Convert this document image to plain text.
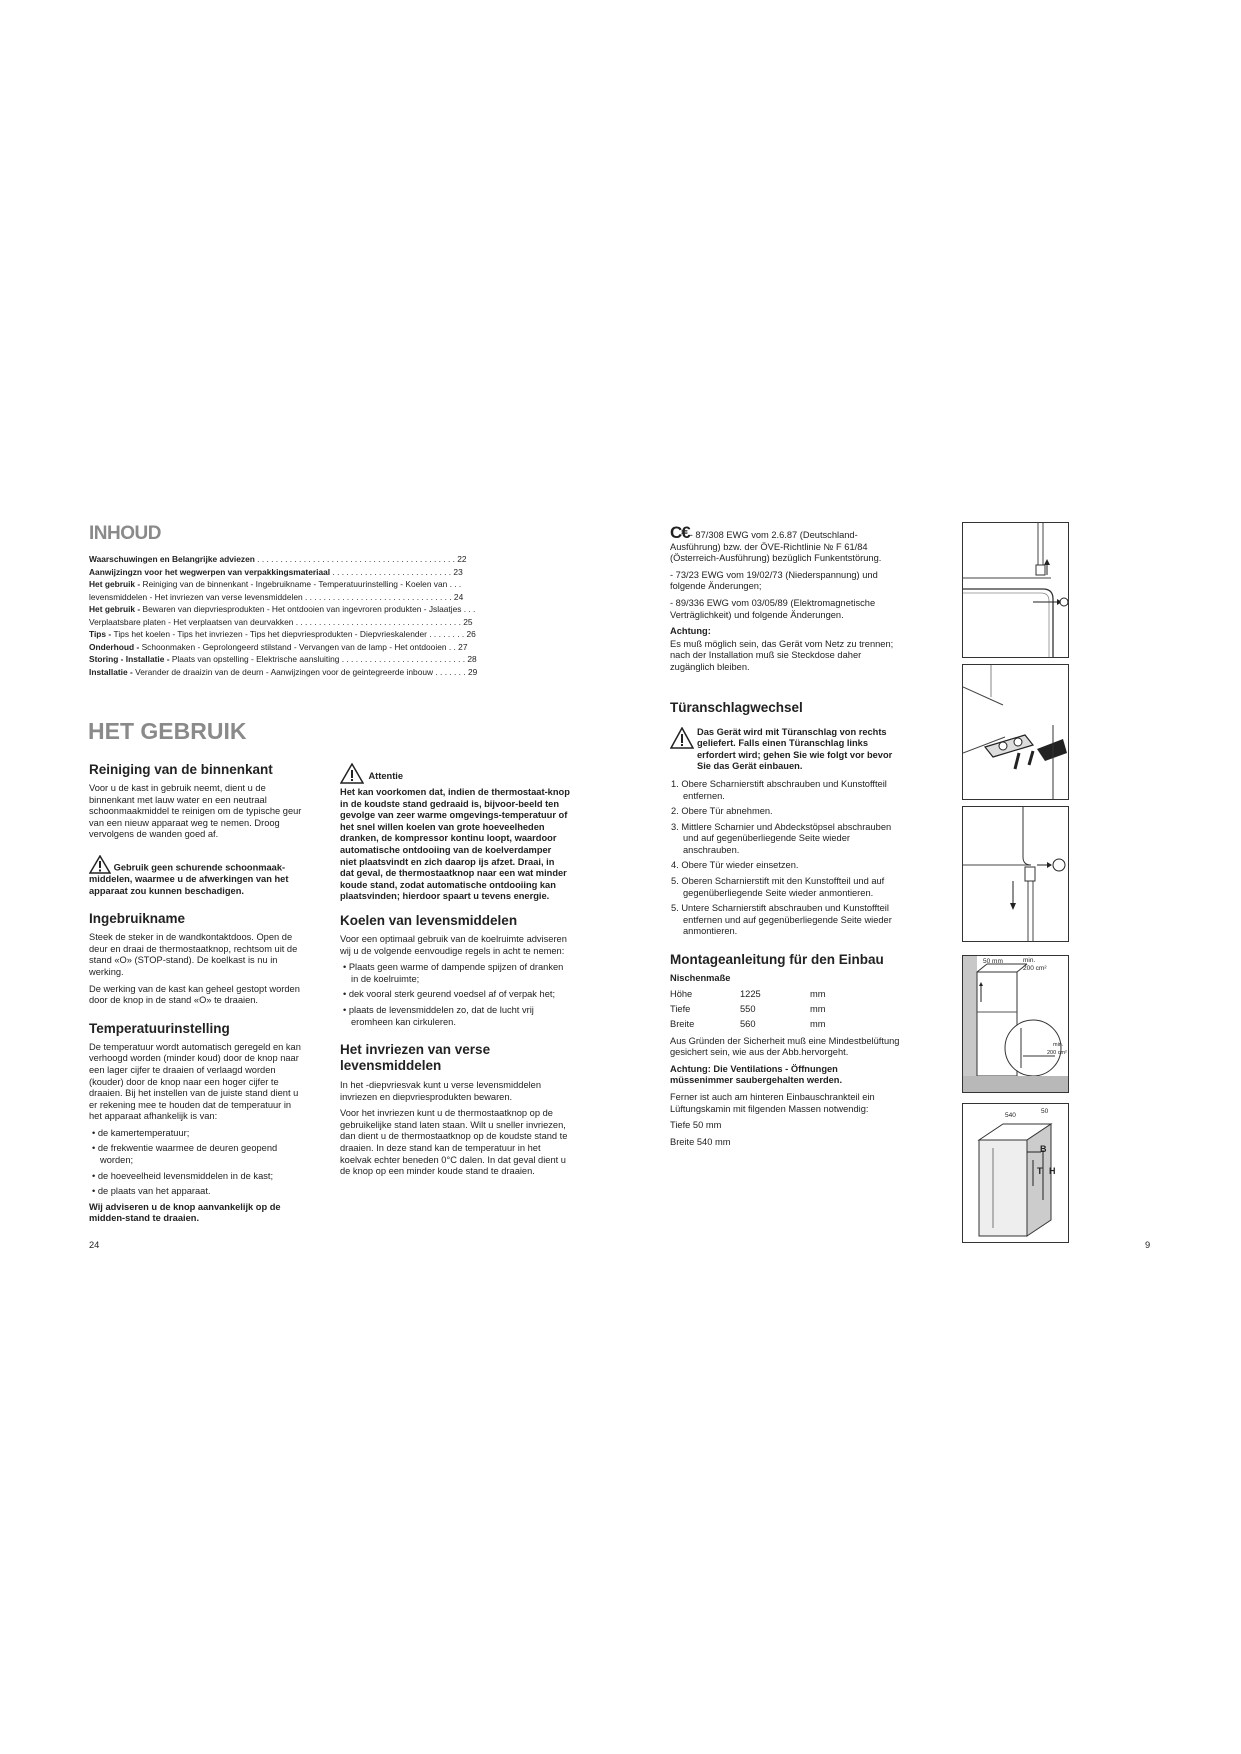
INHOUD
Waarschuwingen en Belangrijke adviezen . . . . . . . . . . . . . . . . . . . . . . . . . . . . . . . . . . . . . . . . . . . 22
Aanwijzingzn voor het wegwerpen van verpakkingsmateriaal . . . . . . . . . . . . . . . . . . . . . . . . . . 23
Het gebruik - Reiniging van de binnenkant - Ingebruikname - Temperatuurinstelling - Koelen van . . .
levensmiddelen - Het invriezen van verse levensmiddelen . . . . . . . . . . . . . . . . . . . . . . . . . . . . . . . . 24
Het gebruik - Bewaren van diepvriesprodukten - Het ontdooien van ingevroren produkten - Jslaatjes . . .
Verplaatsbare platen - Het verplaatsen van deurvakken . . . . . . . . . . . . . . . . . . . . . . . . . . . . . . . . . . . . 25
Tips - Tips het koelen - Tips het invriezen - Tips het diepvriesprodukten - Diepvrieskalender . . . . . . . . 26
Onderhoud - Schoonmaken - Geprolongeerd stilstand - Vervangen van de lamp - Het ontdooien . . 27
Storing - Installatie - Plaats van opstelling - Elektrische aansluiting . . . . . . . . . . . . . . . . . . . . . . . . . . . 28
Installatie - Verander de draaizin van de deurn - Aanwijzingen voor de geintegreerde inbouw . . . . . . . 29
HET GEBRUIK
Reiniging van de binnenkant

Voor u de kast in gebruik neemt, dient u de binnenkant met lauw water en een neutraal schoonmaakmiddel te reinigen om de typische geur van een nieuw apparaat weg te nemen. Droog vervolgens de wanden goed af.

Gebruik geen schurende schoonmaak-middelen, waarmee u de afwerkingen van het apparaat zou kunnen beschadigen.

Ingebruikname

Steek de steker in de wandkontaktdoos. Open de deur en draai de thermostaatknop, rechtsom uit de stand «O» (STOP-stand). De koelkast is nu in werking.

De werking van de kast kan geheel gestopt worden door de knop in de stand «O» te draaien.

Temperatuurinstelling

De temperatuur wordt automatisch geregeld en kan verhoogd worden (minder koud) door de knop naar een lager cijfer te draaien of verlaagd worden (kouder) door de knop naar een hoger cijfer te draaien. Bij het instellen van de juiste stand dient u er rekening mee te houden dat de temperatuur in het apparaat afhankelijk is van:

• de kamertemperatuur;

• de frekwentie waarmee de deuren geopend worden;

• de hoeveelheid levensmiddelen in de kast;

• de plaats van het apparaat.

Wij adviseren u de knop aanvankelijk op de midden-stand te draaien.

24
Attentie

Het kan voorkomen dat, indien de thermostaat-knop in de koudste stand gedraaid is, bijvoor-beeld ten gevolge van zeer warme omgevings-temperatuur of het snel willen koelen van grote hoeveelheden dranken, de kompressor kontinu loopt, waardoor automatische ontdooiing van de koelverdamper niet plaatsvindt en zich daarop ijs afzet. Draai, in dat geval, de thermostaatknop naar een wat minder koude stand, zodat automatische ontdooiing kan plaatsvinden; hierdoor spaart u tevens energie.

Koelen van levensmiddelen

Voor een optimaal gebruik van de koelruimte adviseren wij u de volgende eenvoudige regels in acht te nemen:

• Plaats geen warme of dampende spijzen of dranken in de koelruimte;

• dek vooral sterk geurend voedsel af of verpak het;

• plaats de levensmiddelen zo, dat de lucht vrij eromheen kan cirkuleren.

Het invriezen van verse levensmiddelen

In het -diepvriesvak kunt u verse levensmiddelen invriezen en diepvriesprodukten bewaren.

Voor het invriezen kunt u de thermostaatknop op de gebruikelijke stand laten staan. Wilt u sneller invriezen, dan dient u de thermostaatknop op de koudste stand te draaien. In deze stand kan de temperatuur in het koelvak echter beneden 0°C dalen. In dat geval dient u de knop op een minder koude stand te draaien.

C€- 87/308 EWG vom 2.6.87 (Deutschland-Ausführung) bzw. der ÖVE-Richtlinie № F 61/84 (Österreich-Ausführung) bezüglich Funkentstörung.

- 73/23 EWG vom 19/02/73 (Niederspannung) und folgende Änderungen;

- 89/336 EWG vom 03/05/89 (Elektromagnetische Verträglichkeit) und folgende Änderungen.

Achtung:

Es muß möglich sein, das Gerät vom Netz zu trennen; nach der Installation muß sie Steckdose daher zugänglich bleiben.

Türanschlagwechsel

Das Gerät wird mit Türanschlag von rechts geliefert. Falls einen Türanschlag links erfordert wird; gehen Sie wie folgt vor bevor Sie das Gerät einbauen.

1. Obere Scharnierstift abschrauben und Kunstoffteil entfernen.

2. Obere Tür abnehmen.

3. Mittlere Scharnier und Abdeckstöpsel abschrauben und auf gegenüberliegende Seite wieder anschrauben.

4. Obere Tür wieder einsetzen.

5. Oberen Scharnierstift mit den Kunstoffteil und auf gegenüberliegende Seite wieder anmontieren.

5. Untere Scharnierstift abschrauben und Kunstoffteil entfernen und auf gegenüberliegende Seite wieder anmontieren.

Montageanleitung für den Einbau

Nischenmaße

Höhe	1225	mm
Tiefe	550	mm
Breite	560	mm

Aus Gründen der Sicherheit muß eine Mindestbelüftung gesichert sein, wie aus der Abb.hervorgeht.

Achtung: Die Ventilations - Öffnungen müssenimmer saubergehalten werden.

Ferner ist auch am hinteren Einbauschrankteil ein Lüftungskamin mit filgenden Massen notwendig:

Tiefe 50 mm

Breite 540 mm

50 mm	min.
200 cm²
min.
200 cm²
540
50
B
T H
9
